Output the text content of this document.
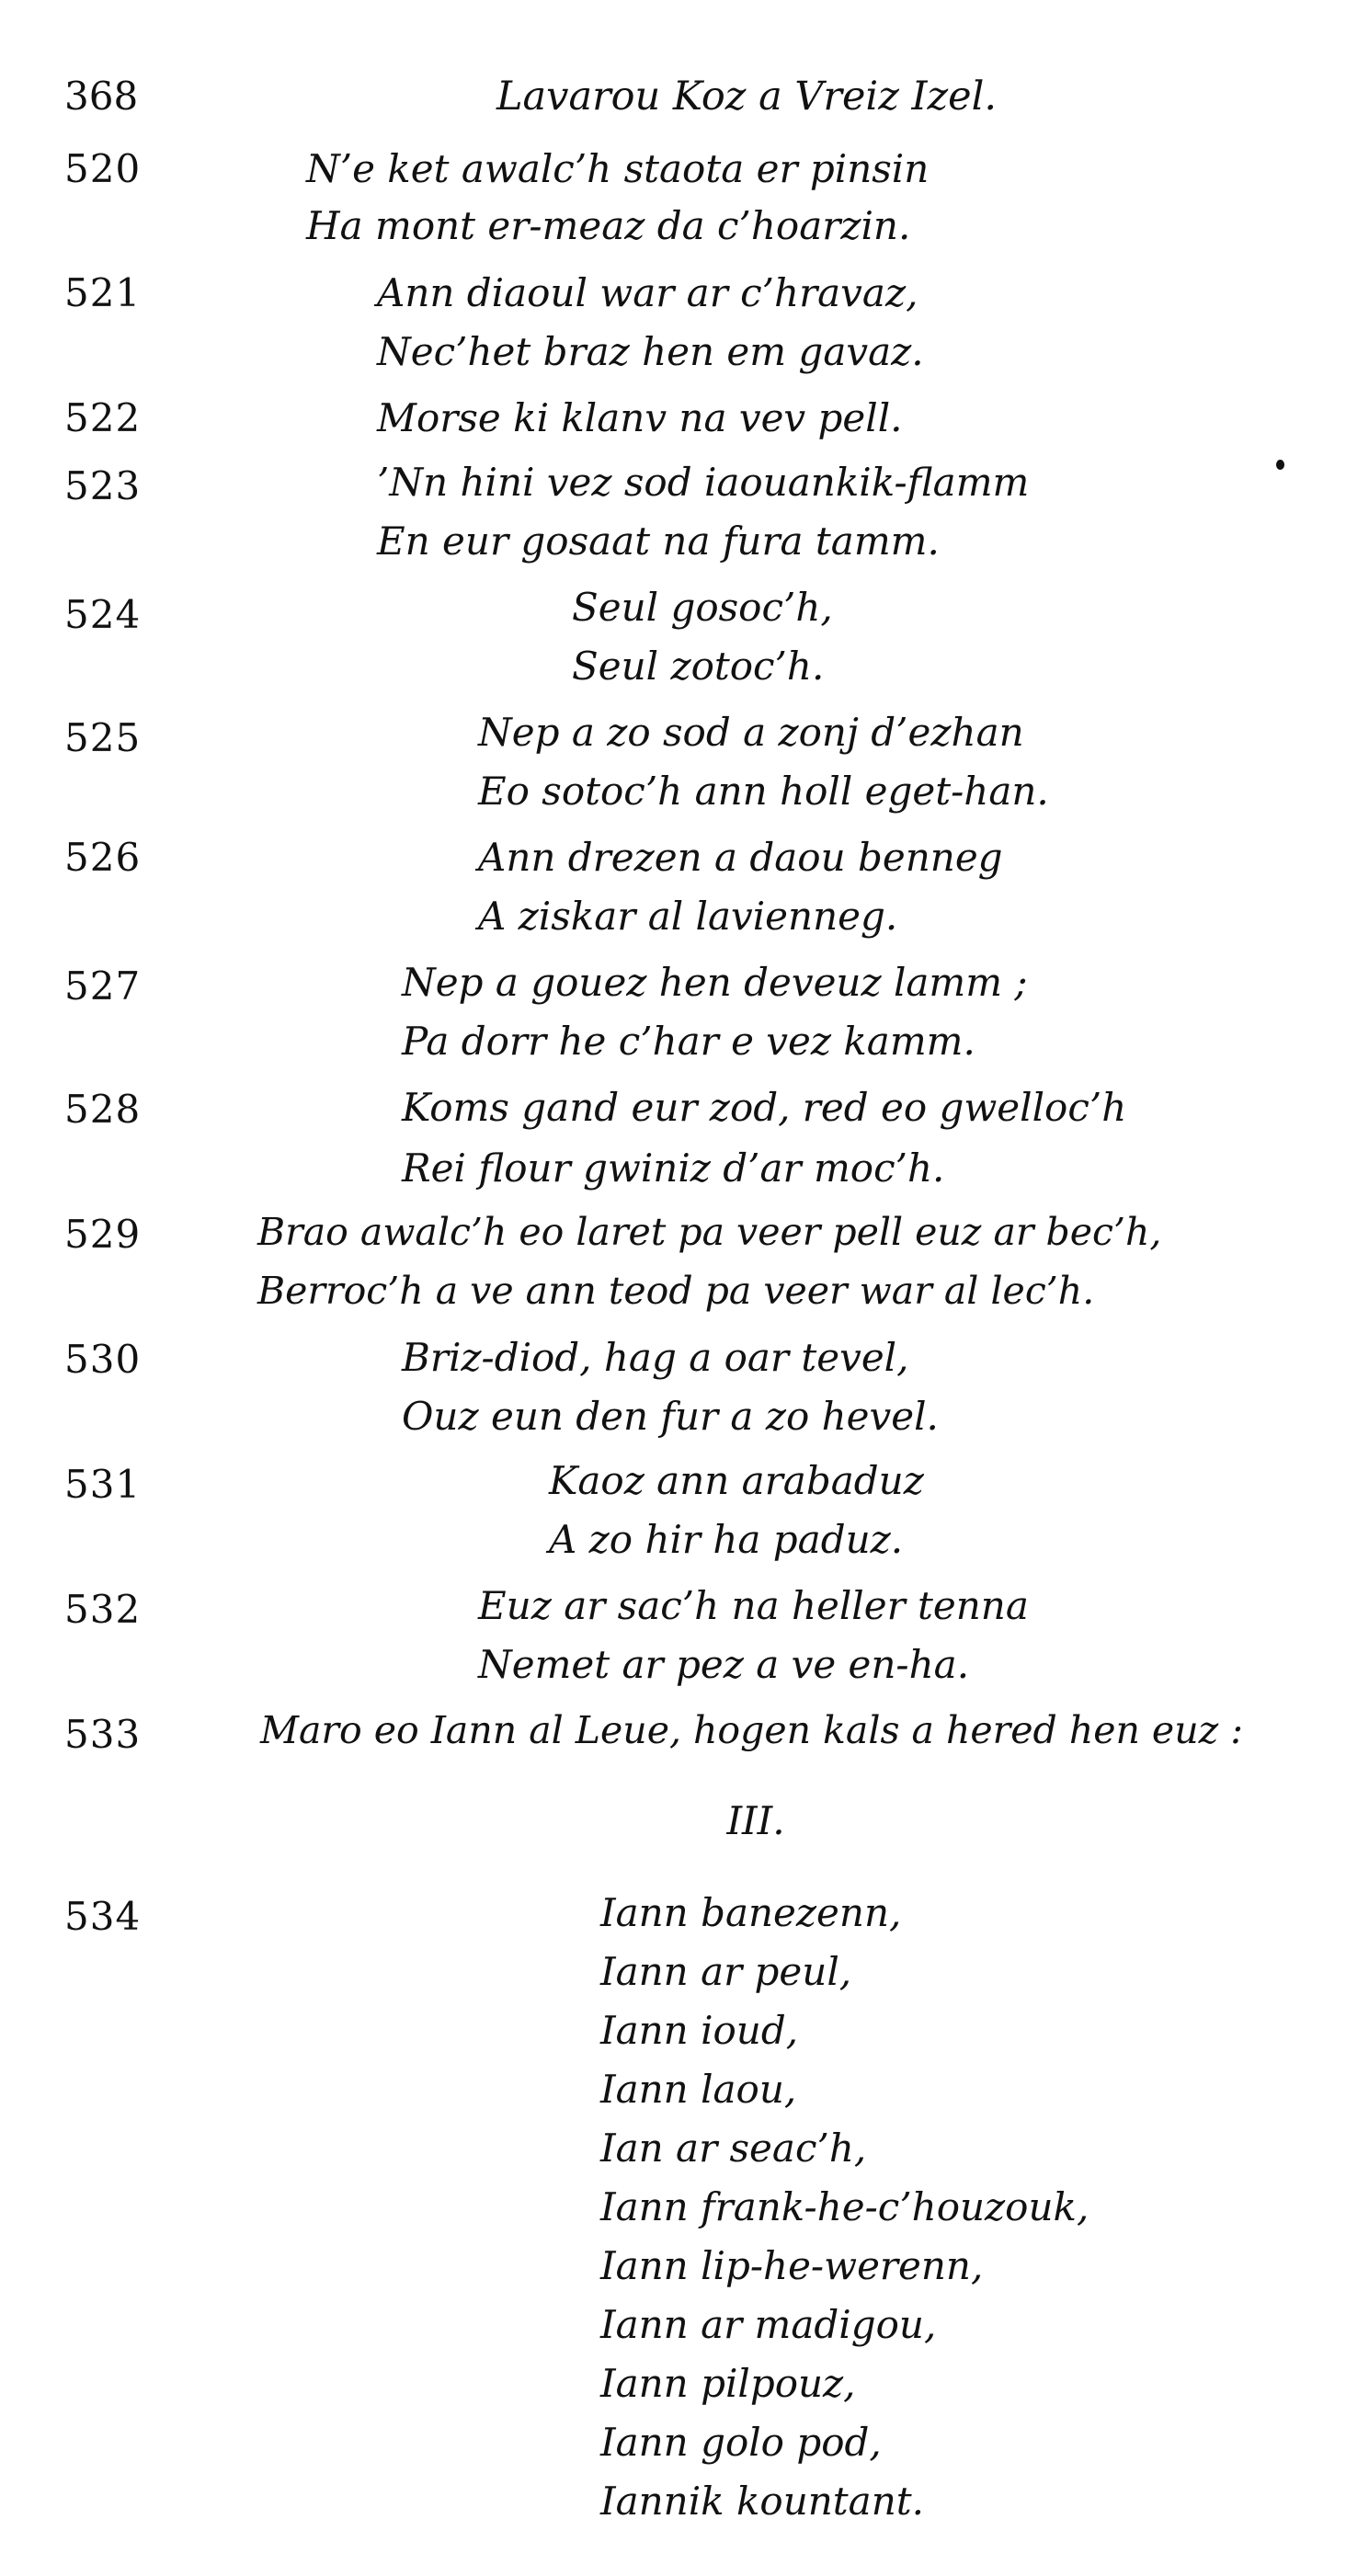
368	Lavarou Koz a Vreiz Izel.
520	N’e ket awalc’h staota er pinsin
Ha mont er-meaz da c’hoarzin.
521	Ann diaoul war ar c’hravaz,
Nec’het braz hen em gavaz.
522	Morse ki klanv na vev pell.
523	’Nn hini vez sod iaouankik-flamm
En eur gosaat na fura tamm.
524	Seul gosoc’h,
Seul zotoc’h.
525	Nep a zo sod a zonj d’ezhan
Eo sotoc’h ann holl eget-han.
526	Ann drezen a daou benneg
A ziskar al lavienneg.
527	Nep a gouez hen deveuz lamm ;
Pa dorr he c’har e vez kamm.
528	Koms gand eur zod, red eo gwelloc’h
Rei flour gwiniz d’ar moc’h.
529	Brao awalc’h eo laret pa veer pell euz ar bec’h,
Berroc’h a ve ann teod pa veer war al lec’h.
530	Briz-diod, hag a oar tevel,
Ouz eun den fur a zo hevel.
531	Kaoz ann arabaduz
A zo hir ha paduz.
532	Euz ar sac’h na heller tenna
Nemet ar pez a ve en-ha.
533	Maro eo Iann al Leue, hogen kals a hered hen euz :
III.
534	Iann banezenn,
Iann ar peul,
Iann ioud,
Iann laou,
Ian ar seac’h,
Iann frank-he-c’houzouk,
Iann lip-he-werenn,
Iann ar madigou,
Iann pilpouz,
Iann golo pod,
Iannik kountant.
